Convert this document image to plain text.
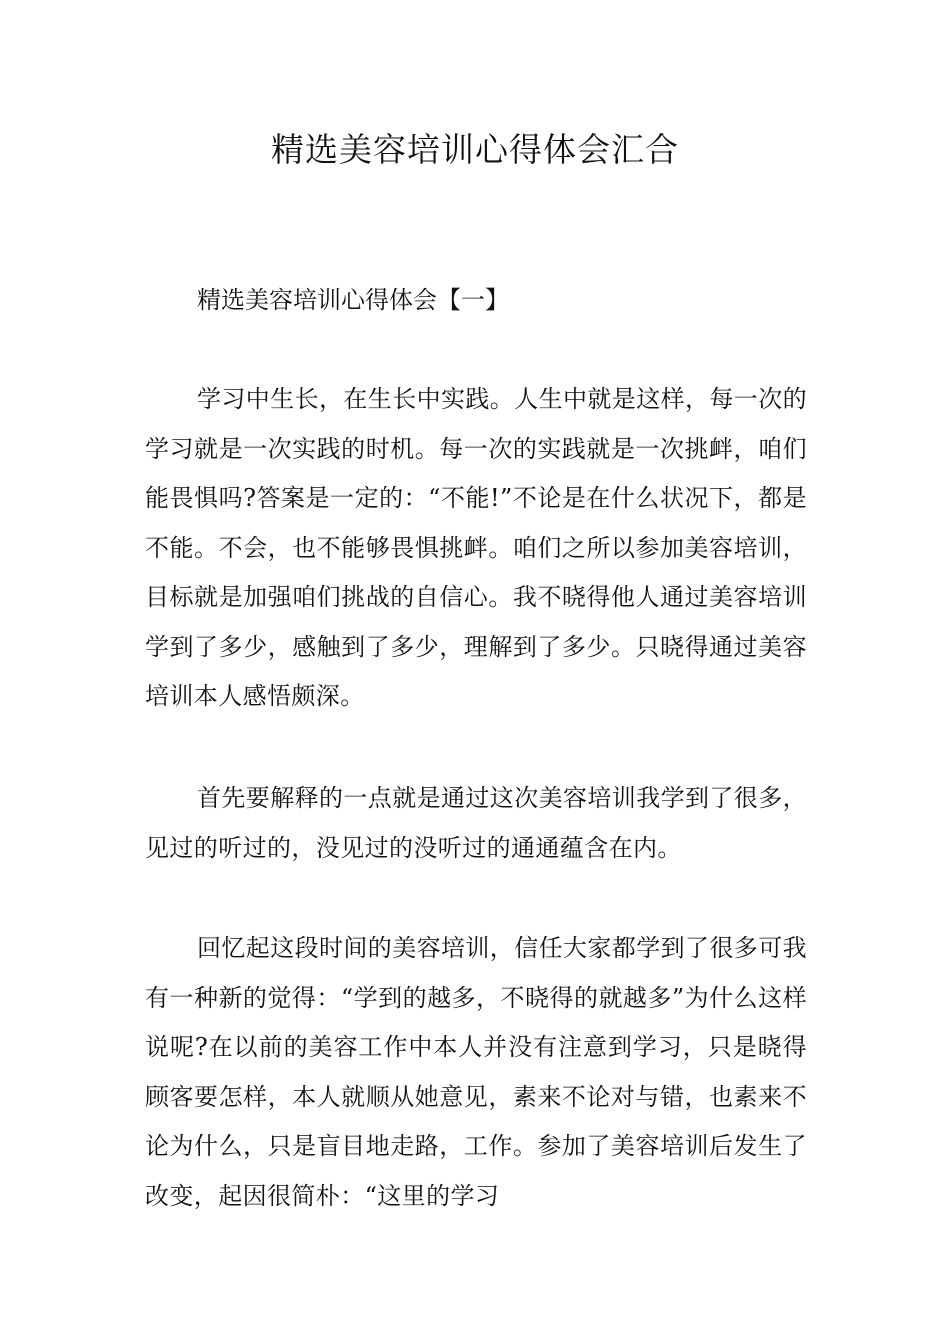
精选美容培训心得体会汇合
精选美容培训心得体会【一】

学习中生长，在生长中实践。人生中就是这样，每一次的学习就是一次实践的时机。每一次的实践就是一次挑衅，咱们能畏惧吗?答案是一定的：“不能!”不论是在什么状况下，都是不能。不会，也不能够畏惧挑衅。咱们之所以参加美容培训，目标就是加强咱们挑战的自信心。我不晓得他人通过美容培训学到了多少，感触到了多少，理解到了多少。只晓得通过美容培训本人感悟颇深。

首先要解释的一点就是通过这次美容培训我学到了很多，见过的听过的，没见过的没听过的通通蕴含在内。

回忆起这段时间的美容培训，信任大家都学到了很多可我有一种新的觉得：“学到的越多，不晓得的就越多”为什么这样说呢?在以前的美容工作中本人并没有注意到学习，只是晓得顾客要怎样，本人就顺从她意见，素来不论对与错，也素来不论为什么，只是盲目地走路，工作。参加了美容培训后发生了改变，起因很简朴：“这里的学习
